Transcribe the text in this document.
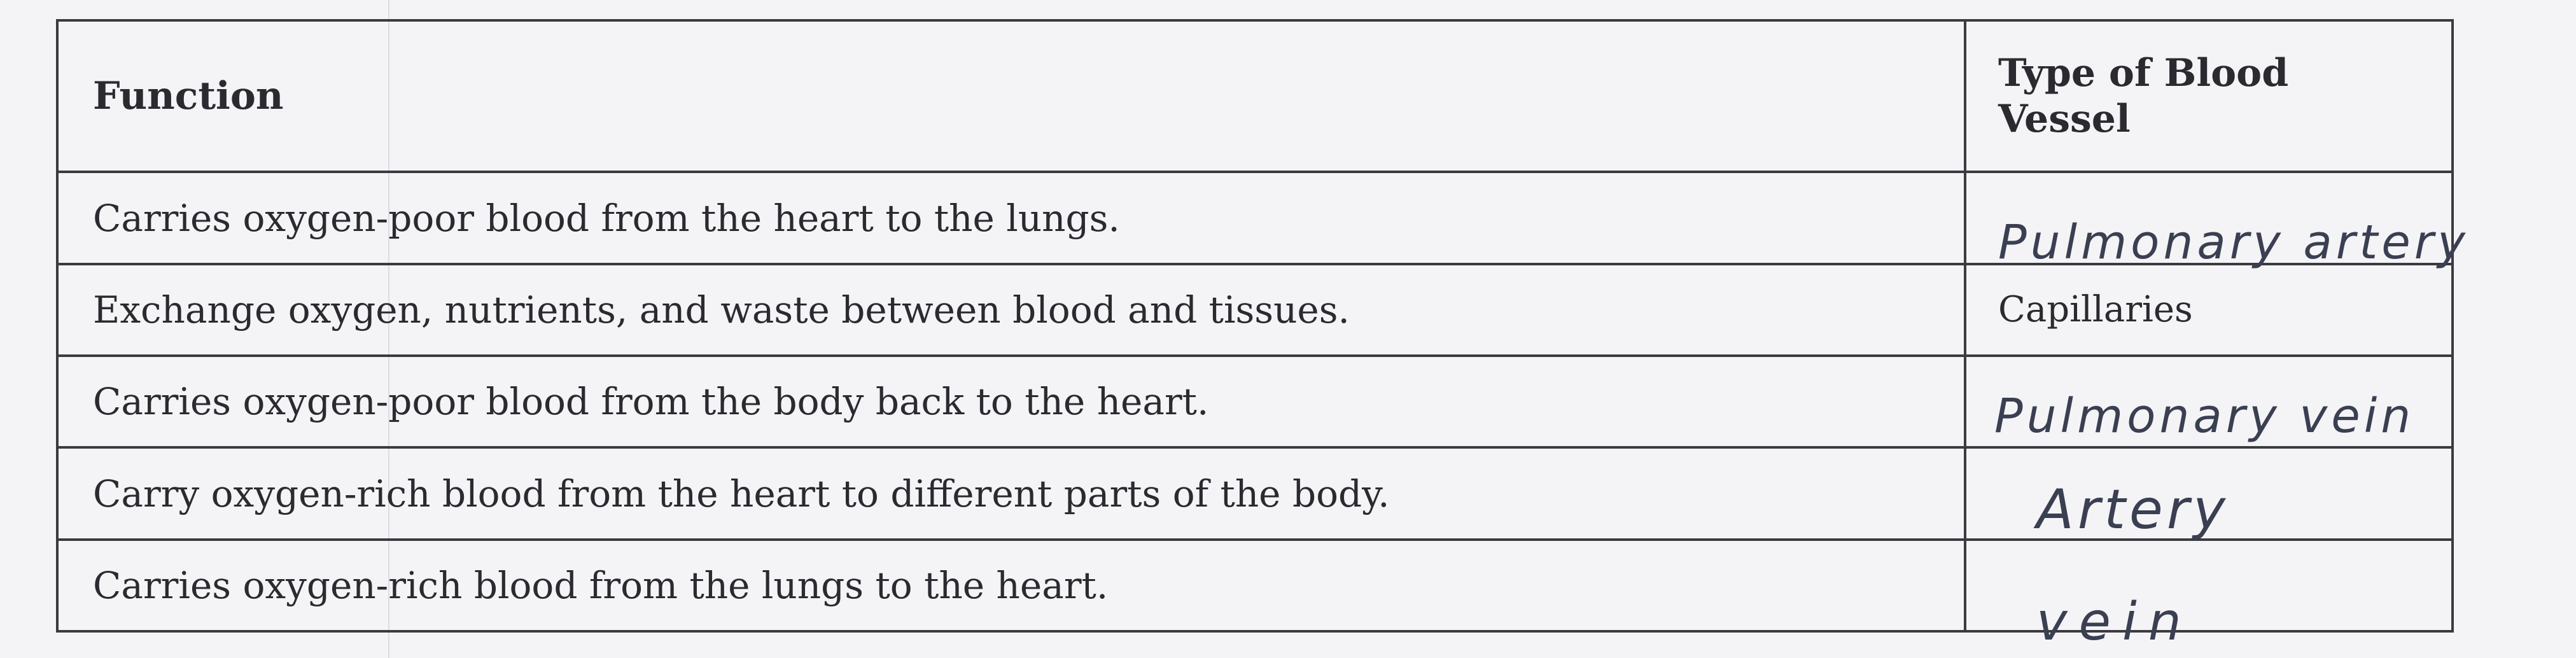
Function	Type of Blood Vessel
Carries oxygen-poor blood from the heart to the lungs.	Pulmonary artery

Exchange oxygen, nutrients, and waste between blood and tissues.	Capillaries
Carries oxygen-poor blood from the body back to the heart.	Pulmonary vein

Carry oxygen-rich blood from the heart to different parts of the body.	Artery

Carries oxygen-rich blood from the lungs to the heart.	vein
